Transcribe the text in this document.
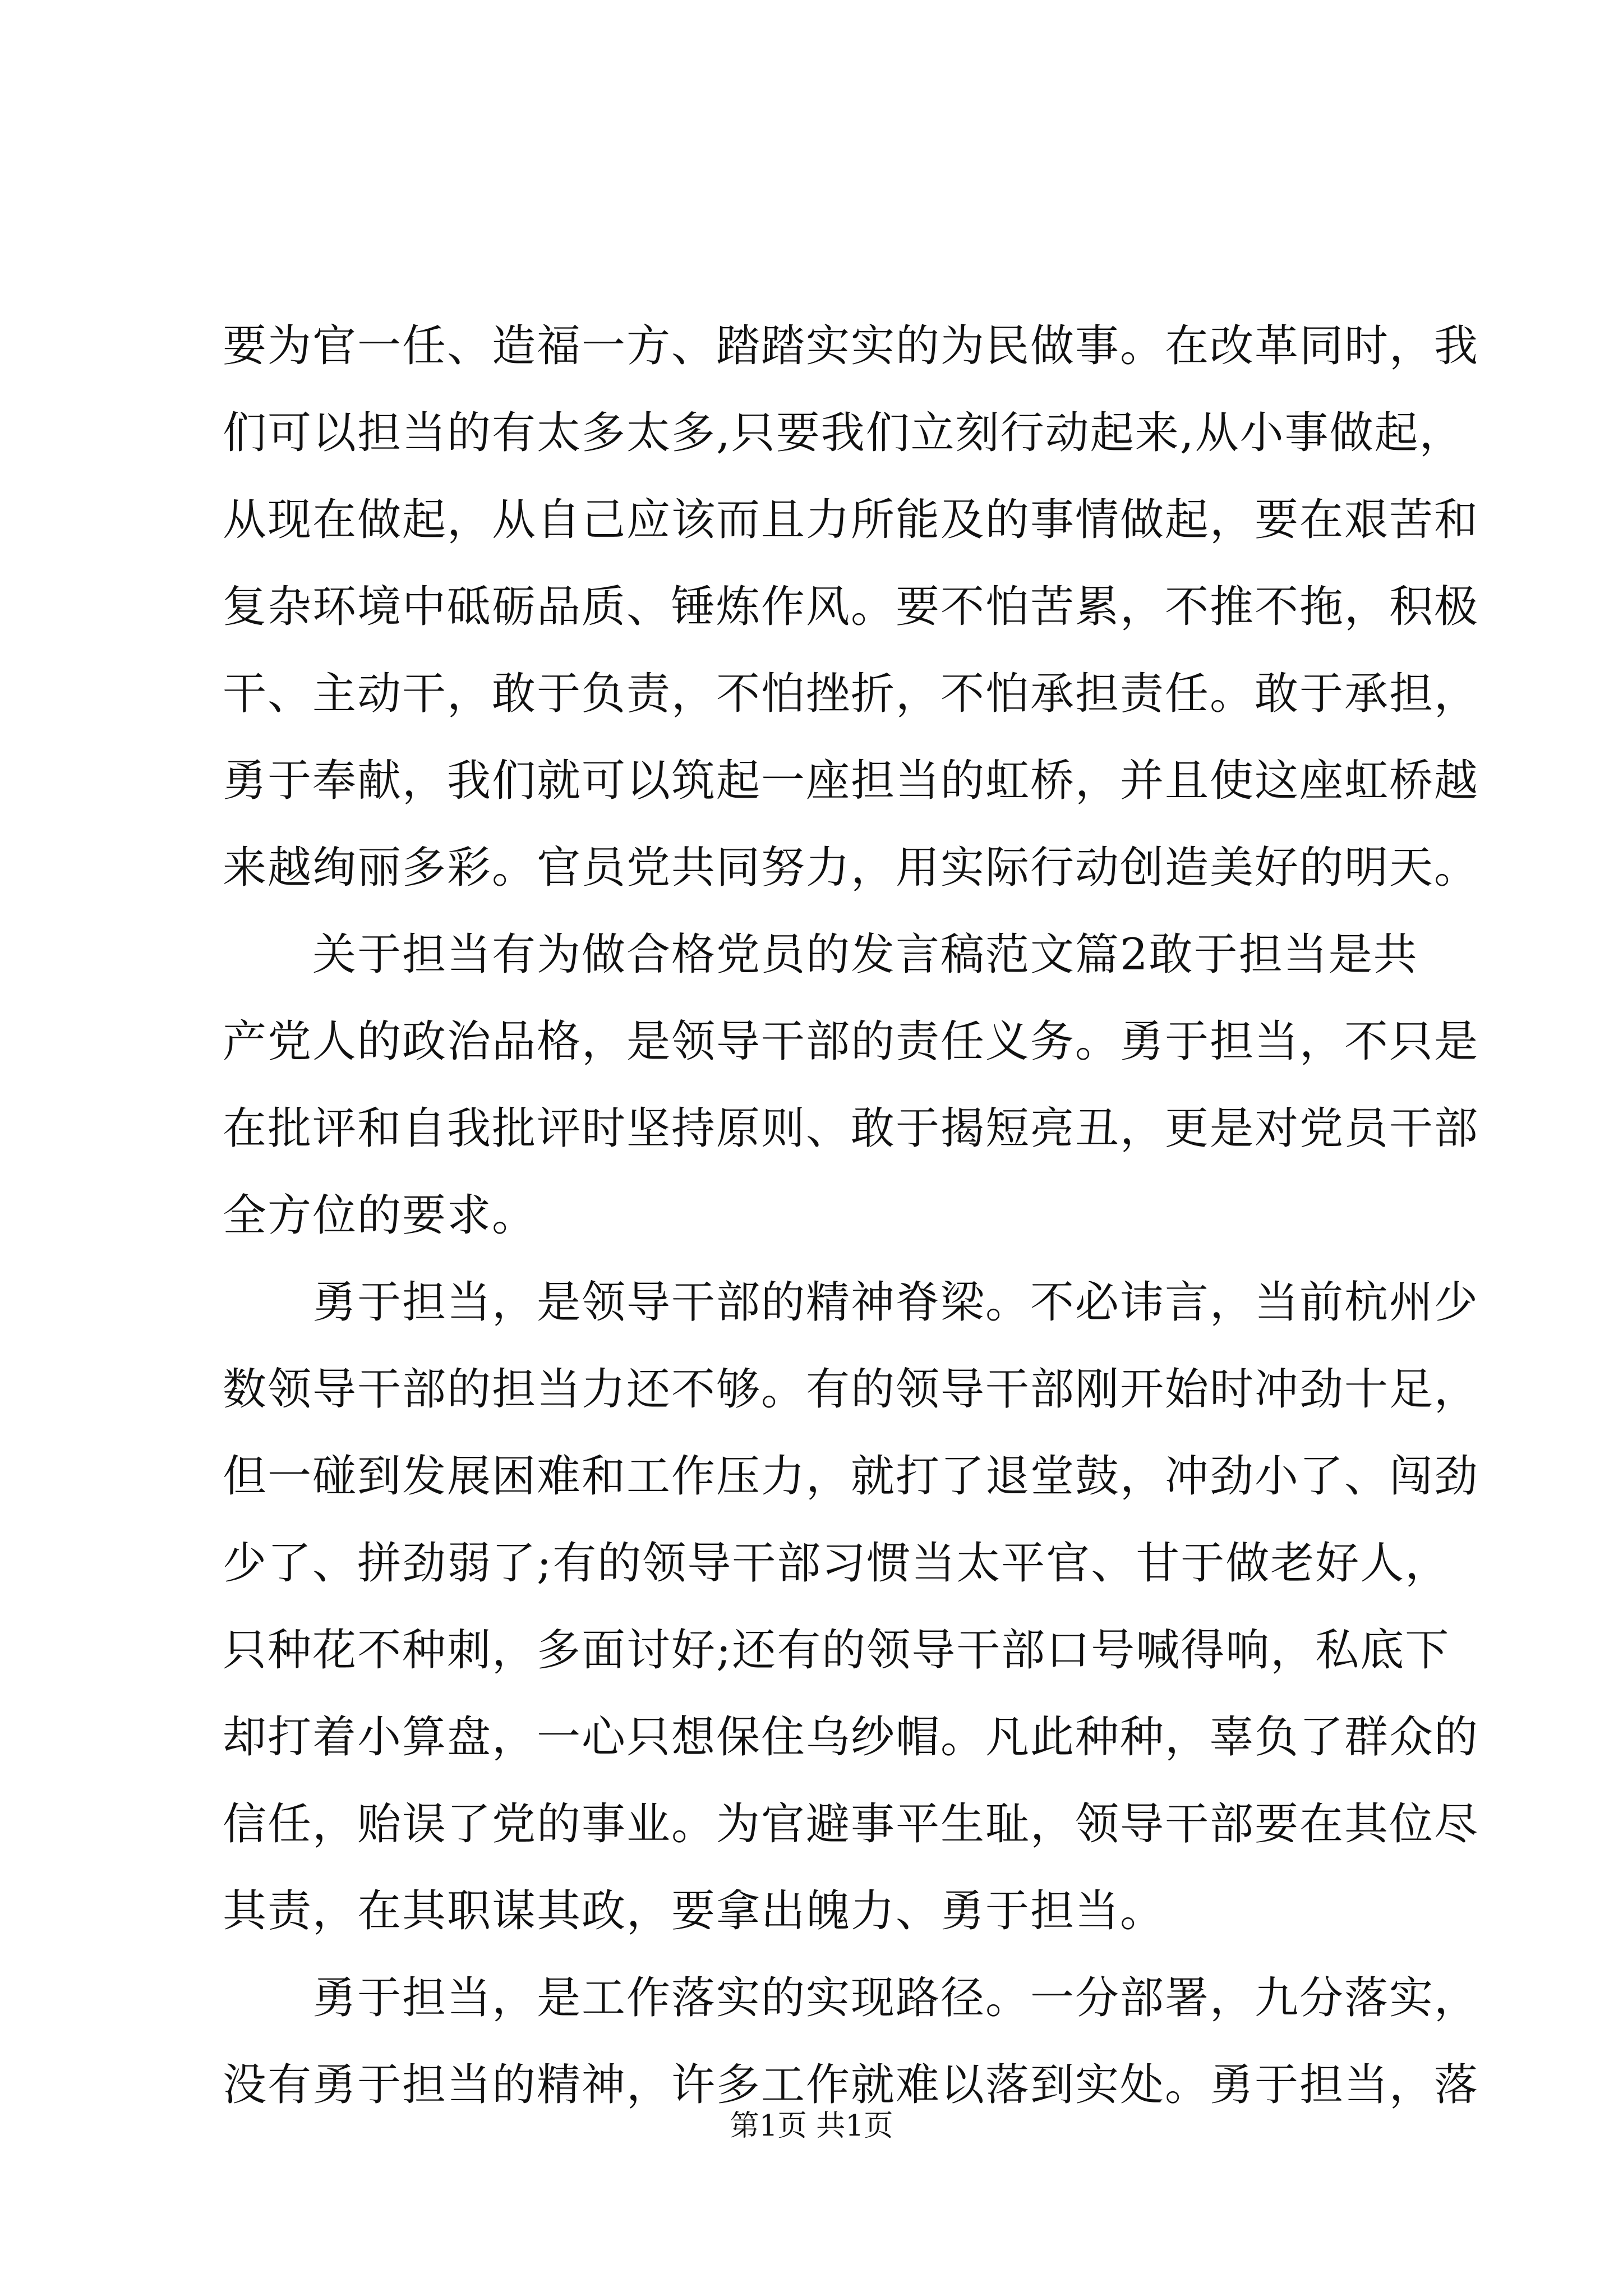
要为官一任、造福一方、踏踏实实的为民做事。在改革同时，我
们可以担当的有太多太多,只要我们立刻行动起来,从小事做起，
从现在做起，从自己应该而且力所能及的事情做起，要在艰苦和
复杂环境中砥砺品质、锤炼作风。要不怕苦累，不推不拖，积极
干、主动干，敢于负责，不怕挫折，不怕承担责任。敢于承担，
勇于奉献，我们就可以筑起一座担当的虹桥，并且使这座虹桥越
来越绚丽多彩。官员党共同努力，用实际行动创造美好的明天。
关于担当有为做合格党员的发言稿范文篇2敢于担当是共
产党人的政治品格，是领导干部的责任义务。勇于担当，不只是
在批评和自我批评时坚持原则、敢于揭短亮丑，更是对党员干部
全方位的要求。
勇于担当，是领导干部的精神脊梁。不必讳言，当前杭州少
数领导干部的担当力还不够。有的领导干部刚开始时冲劲十足，
但一碰到发展困难和工作压力，就打了退堂鼓，冲劲小了、闯劲
少了、拼劲弱了;有的领导干部习惯当太平官、甘于做老好人，
只种花不种刺，多面讨好;还有的领导干部口号喊得响，私底下
却打着小算盘，一心只想保住乌纱帽。凡此种种，辜负了群众的
信任，贻误了党的事业。为官避事平生耻，领导干部要在其位尽
其责，在其职谋其政，要拿出魄力、勇于担当。
勇于担当，是工作落实的实现路径。一分部署，九分落实，
没有勇于担当的精神，许多工作就难以落到实处。勇于担当，落
第1页 共1页
